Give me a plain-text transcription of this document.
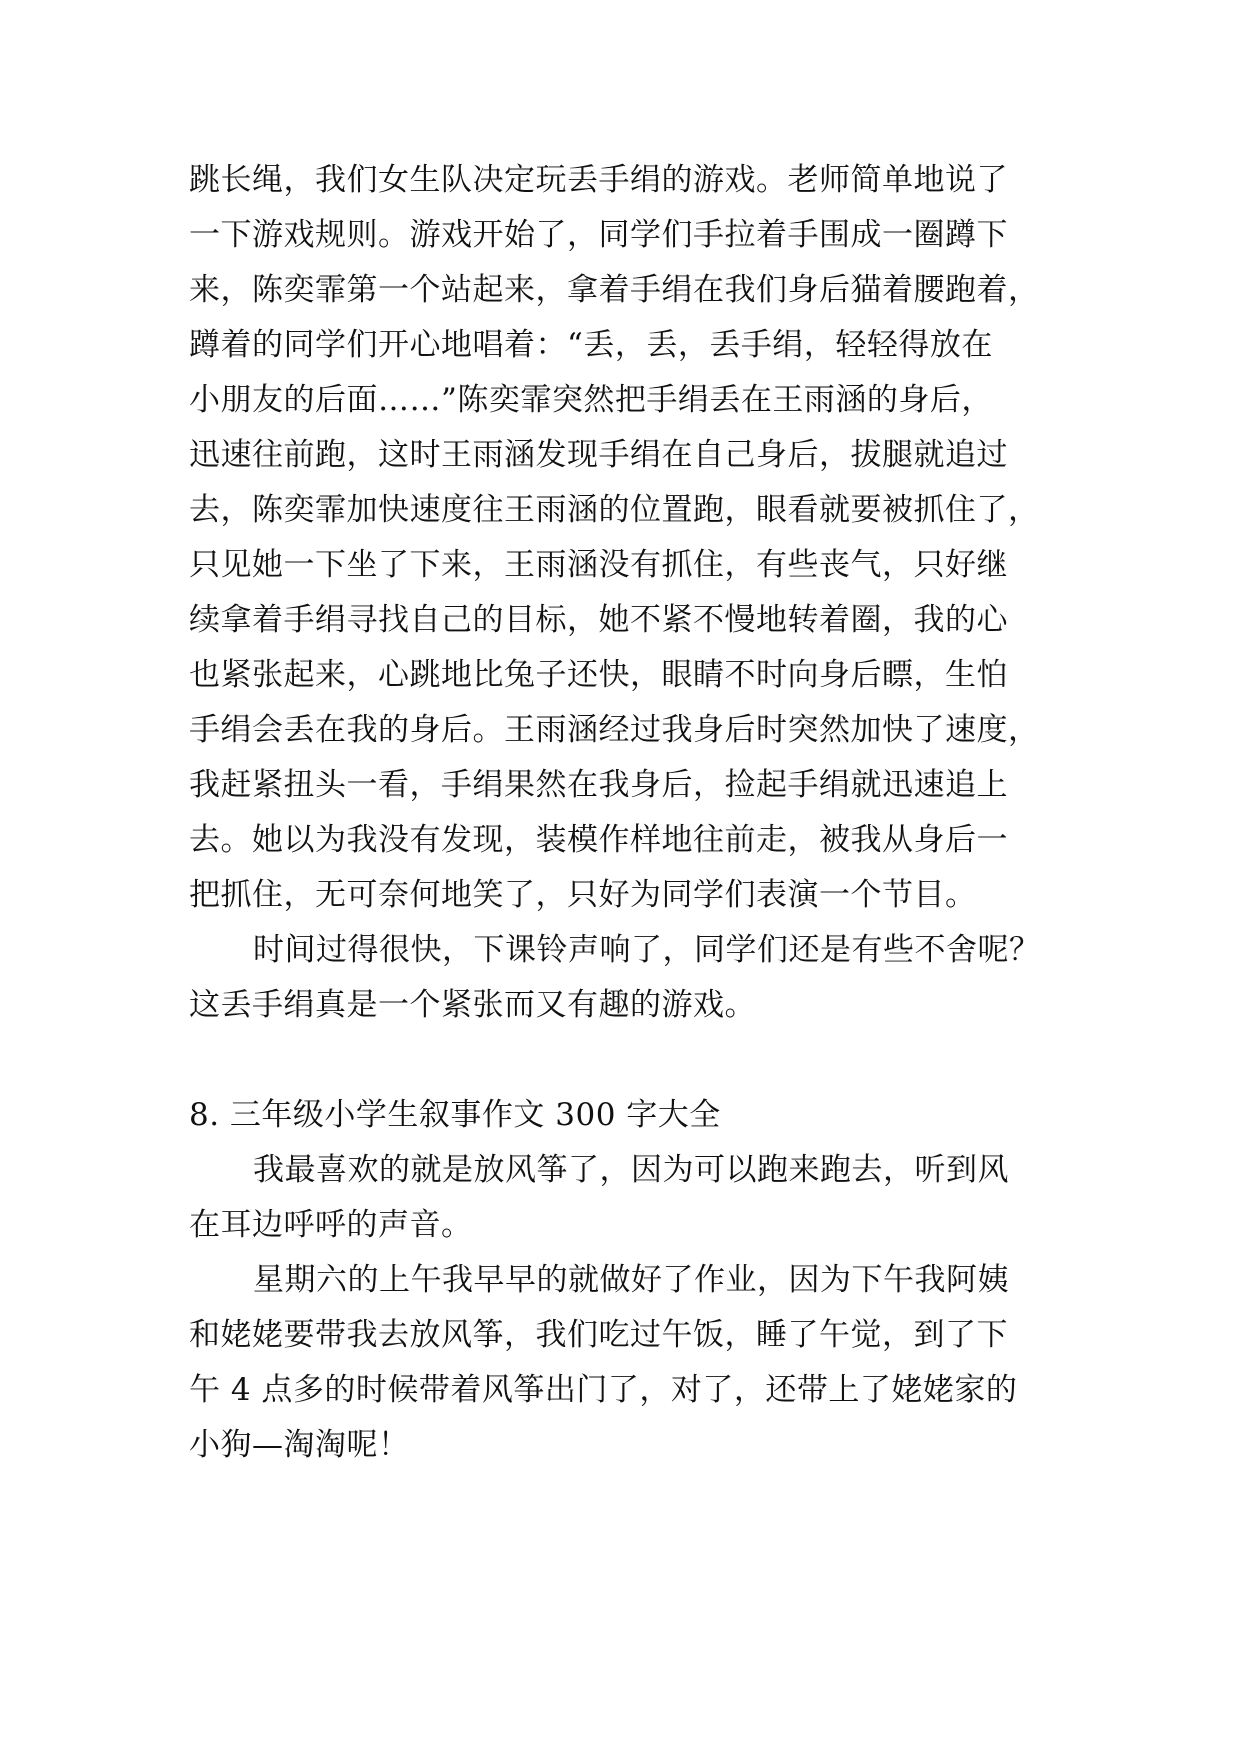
跳长绳，我们女生队决定玩丢手绢的游戏。老师简单地说了
一下游戏规则。游戏开始了，同学们手拉着手围成一圈蹲下
来，陈奕霏第一个站起来，拿着手绢在我们身后猫着腰跑着，
蹲着的同学们开心地唱着：“丢，丢，丢手绢，轻轻得放在
小朋友的后面……”陈奕霏突然把手绢丢在王雨涵的身后，
迅速往前跑，这时王雨涵发现手绢在自己身后，拔腿就追过
去，陈奕霏加快速度往王雨涵的位置跑，眼看就要被抓住了，
只见她一下坐了下来，王雨涵没有抓住，有些丧气，只好继
续拿着手绢寻找自己的目标，她不紧不慢地转着圈，我的心
也紧张起来，心跳地比兔子还快，眼睛不时向身后瞟，生怕
手绢会丢在我的身后。王雨涵经过我身后时突然加快了速度，
我赶紧扭头一看，手绢果然在我身后，捡起手绢就迅速追上
去。她以为我没有发现，装模作样地往前走，被我从身后一
把抓住，无可奈何地笑了，只好为同学们表演一个节目。
时间过得很快，下课铃声响了，同学们还是有些不舍呢？
这丢手绢真是一个紧张而又有趣的游戏。
8. 三年级小学生叙事作文 300 字大全
我最喜欢的就是放风筝了，因为可以跑来跑去，听到风
在耳边呼呼的声音。
星期六的上午我早早的就做好了作业，因为下午我阿姨
和姥姥要带我去放风筝，我们吃过午饭，睡了午觉，到了下
午 4 点多的时候带着风筝出门了，对了，还带上了姥姥家的
小狗—淘淘呢！
